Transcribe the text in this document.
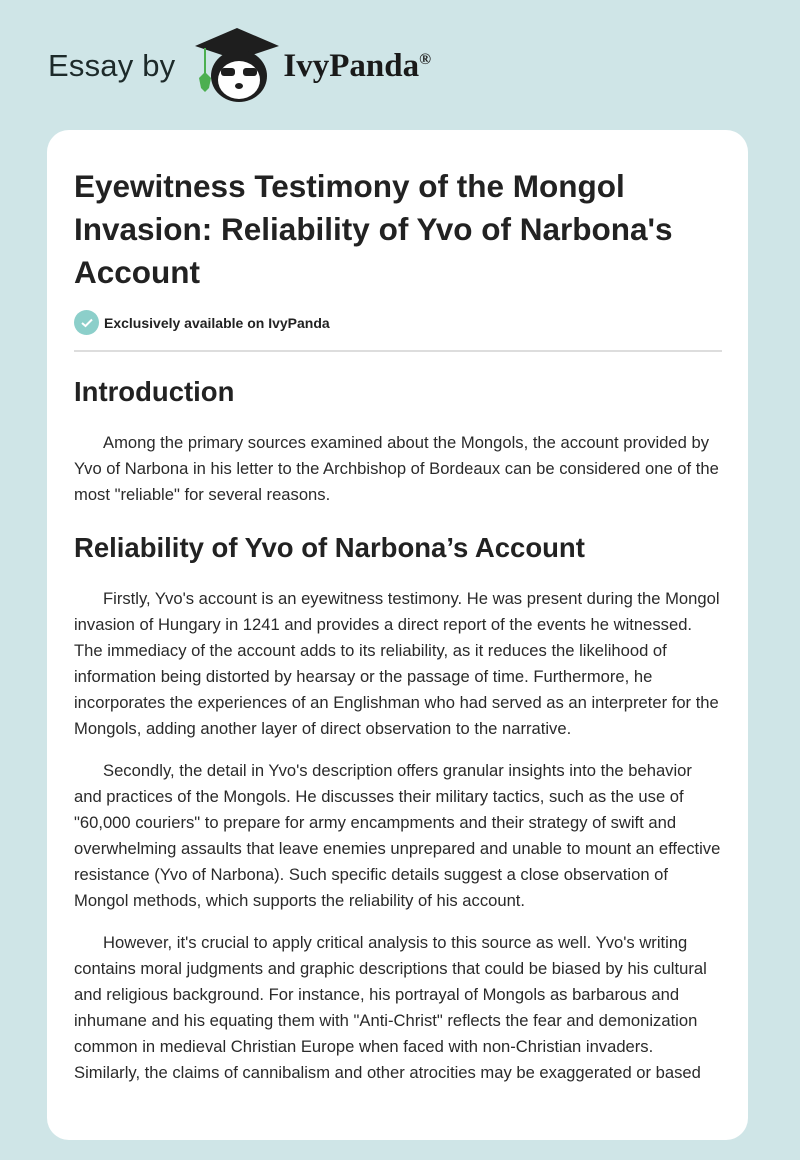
Essay by	IvyPanda®
Eyewitness Testimony of the Mongol Invasion: Reliability of Yvo of Narbona's Account
Exclusively available on IvyPanda
Introduction

Among the primary sources examined about the Mongols, the account provided by Yvo of Narbona in his letter to the Archbishop of Bordeaux can be considered one of the most "reliable" for several reasons.

Reliability of Yvo of Narbona’s Account

Firstly, Yvo's account is an eyewitness testimony. He was present during the Mongol invasion of Hungary in 1241 and provides a direct report of the events he witnessed. The immediacy of the account adds to its reliability, as it reduces the likelihood of information being distorted by hearsay or the passage of time. Furthermore, he incorporates the experiences of an Englishman who had served as an interpreter for the Mongols, adding another layer of direct observation to the narrative.

Secondly, the detail in Yvo's description offers granular insights into the behavior and practices of the Mongols. He discusses their military tactics, such as the use of "60,000 couriers" to prepare for army encampments and their strategy of swift and overwhelming assaults that leave enemies unprepared and unable to mount an effective resistance (Yvo of Narbona). Such specific details suggest a close observation of Mongol methods, which supports the reliability of his account.

However, it's crucial to apply critical analysis to this source as well. Yvo's writing contains moral judgments and graphic descriptions that could be biased by his cultural and religious background. For instance, his portrayal of Mongols as barbarous and inhumane and his equating them with "Anti-Christ" reflects the fear and demonization common in medieval Christian Europe when faced with non-Christian invaders. Similarly, the claims of cannibalism and other atrocities may be exaggerated or based
